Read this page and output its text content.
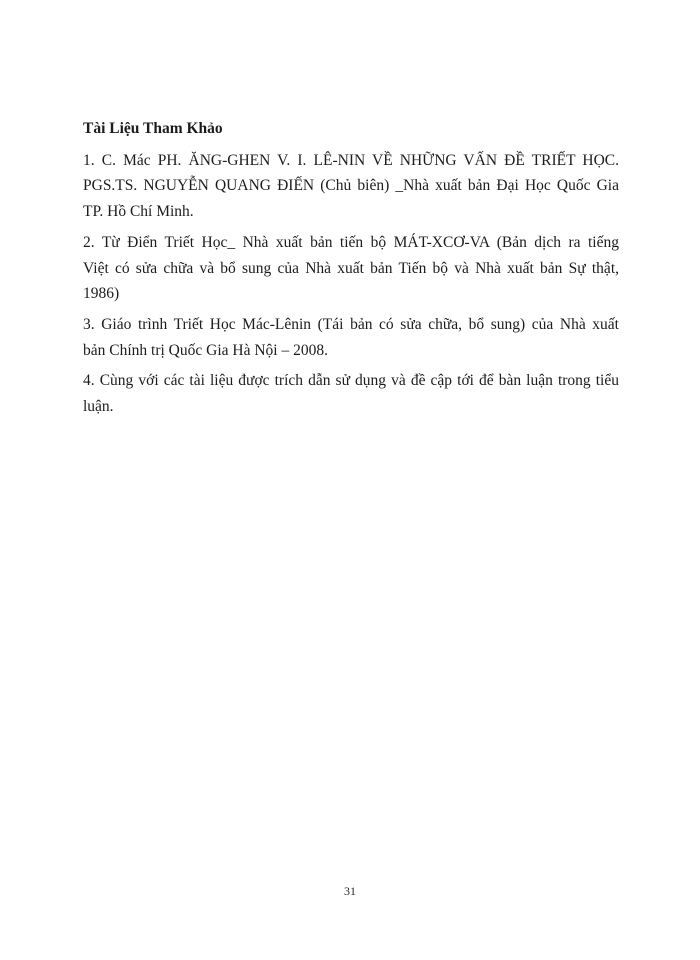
Tài Liệu Tham Khảo

1. C. Mác PH. ĂNG-GHEN V. I. LÊ-NIN VỀ NHỮNG VẤN ĐỀ TRIẾT HỌC.
PGS.TS. NGUYỄN QUANG ĐIẾN (Chủ biên) _Nhà xuất bản Đại Học Quốc Gia
TP. Hồ Chí Minh.

2. Từ Điển Triết Học_ Nhà xuất bản tiến bộ MÁT-XCƠ-VA (Bản dịch ra tiếng
Việt có sửa chữa và bổ sung của Nhà xuất bản Tiến bộ và Nhà xuất bản Sự thật,
1986)

3. Giáo trình Triết Học Mác-Lênin (Tái bản có sửa chữa, bổ sung) của Nhà xuất
bản Chính trị Quốc Gia Hà Nội – 2008.

4. Cùng với các tài liệu được trích dẫn sử dụng và đề cập tới để bàn luận trong tiểu
luận.

31
